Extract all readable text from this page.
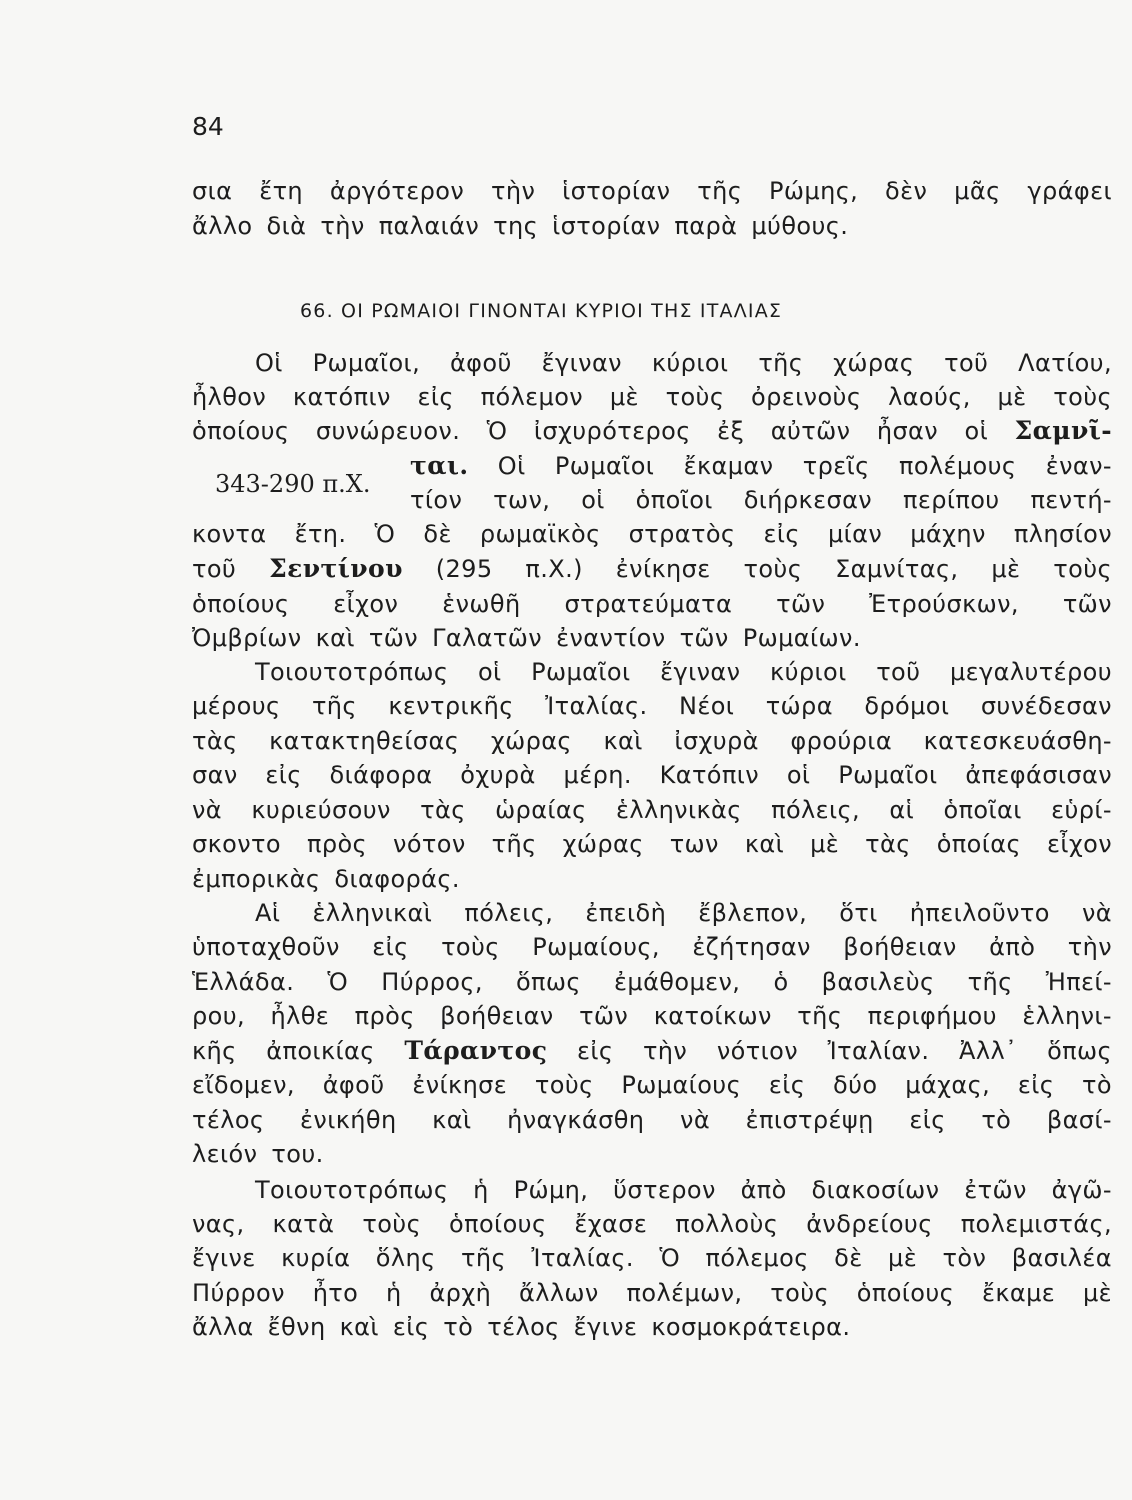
84
σια ἔτη ἀργότερον τὴν ἱστορίαν τῆς Ρώμης, δὲν μᾶς γράφει
ἄλλο διὰ τὴν παλαιάν της ἱστορίαν παρὰ μύθους.
66. ΟΙ ΡΩΜΑΙΟΙ ΓΙΝΟΝΤΑΙ ΚΥΡΙΟΙ ΤΗΣ ΙΤΑΛΙΑΣ
Οἱ Ρωμαῖοι, ἀφοῦ ἔγιναν κύριοι τῆς χώρας τοῦ Λατίου,
ἦλθον κατόπιν εἰς πόλεμον μὲ τοὺς ὀρεινοὺς λαούς, μὲ τοὺς
ὁποίους συνώρευον. Ὁ ἰσχυρότερος ἐξ αὐτῶν ἦσαν οἱ Σαμνῖ-
343-290 π.Χ.
ται. Οἱ Ρωμαῖοι ἔκαμαν τρεῖς πολέμους ἐναν-
τίον των, οἱ ὁποῖοι διήρκεσαν περίπου πεντή-
κοντα ἔτη. Ὁ δὲ ρωμαϊκὸς στρατὸς εἰς μίαν μάχην πλησίον
τοῦ Σεντίνου (295 π.Χ.) ἐνίκησε τοὺς Σαμνίτας, μὲ τοὺς
ὁποίους εἶχον ἑνωθῆ στρατεύματα τῶν Ἐτρούσκων, τῶν
Ὀμβρίων καὶ τῶν Γαλατῶν ἐναντίον τῶν Ρωμαίων.
Τοιουτοτρόπως οἱ Ρωμαῖοι ἔγιναν κύριοι τοῦ μεγαλυτέρου
μέρους τῆς κεντρικῆς Ἰταλίας. Νέοι τώρα δρόμοι συνέδεσαν
τὰς κατακτηθείσας χώρας καὶ ἰσχυρὰ φρούρια κατεσκευάσθη-
σαν εἰς διάφορα ὀχυρὰ μέρη. Κατόπιν οἱ Ρωμαῖοι ἀπεφάσισαν
νὰ κυριεύσουν τὰς ὡραίας ἑλληνικὰς πόλεις, αἱ ὁποῖαι εὑρί-
σκοντο πρὸς νότον τῆς χώρας των καὶ μὲ τὰς ὁποίας εἶχον
ἐμπορικὰς διαφοράς.
Αἱ ἑλληνικαὶ πόλεις, ἐπειδὴ ἔβλεπον, ὅτι ἠπειλοῦντο νὰ
ὑποταχθοῦν εἰς τοὺς Ρωμαίους, ἐζήτησαν βοήθειαν ἀπὸ τὴν
Ἑλλάδα. Ὁ Πύρρος, ὅπως ἐμάθομεν, ὁ βασιλεὺς τῆς Ἠπεί-
ρου, ἦλθε πρὸς βοήθειαν τῶν κατοίκων τῆς περιφήμου ἑλληνι-
κῆς ἀποικίας Τάραντος εἰς τὴν νότιον Ἰταλίαν. Ἀλλ᾽ ὅπως
εἴδομεν, ἀφοῦ ἐνίκησε τοὺς Ρωμαίους εἰς δύο μάχας, εἰς τὸ
τέλος ἐνικήθη καὶ ἠναγκάσθη νὰ ἐπιστρέψῃ εἰς τὸ βασί-
λειόν του.
Τοιουτοτρόπως ἡ Ρώμη, ὕστερον ἀπὸ διακοσίων ἐτῶν ἀγῶ-
νας, κατὰ τοὺς ὁποίους ἔχασε πολλοὺς ἀνδρείους πολεμιστάς,
ἔγινε κυρία ὅλης τῆς Ἰταλίας. Ὁ πόλεμος δὲ μὲ τὸν βασιλέα
Πύρρον ἦτο ἡ ἀρχὴ ἄλλων πολέμων, τοὺς ὁποίους ἔκαμε μὲ
ἄλλα ἔθνη καὶ εἰς τὸ τέλος ἔγινε κοσμοκράτειρα.
